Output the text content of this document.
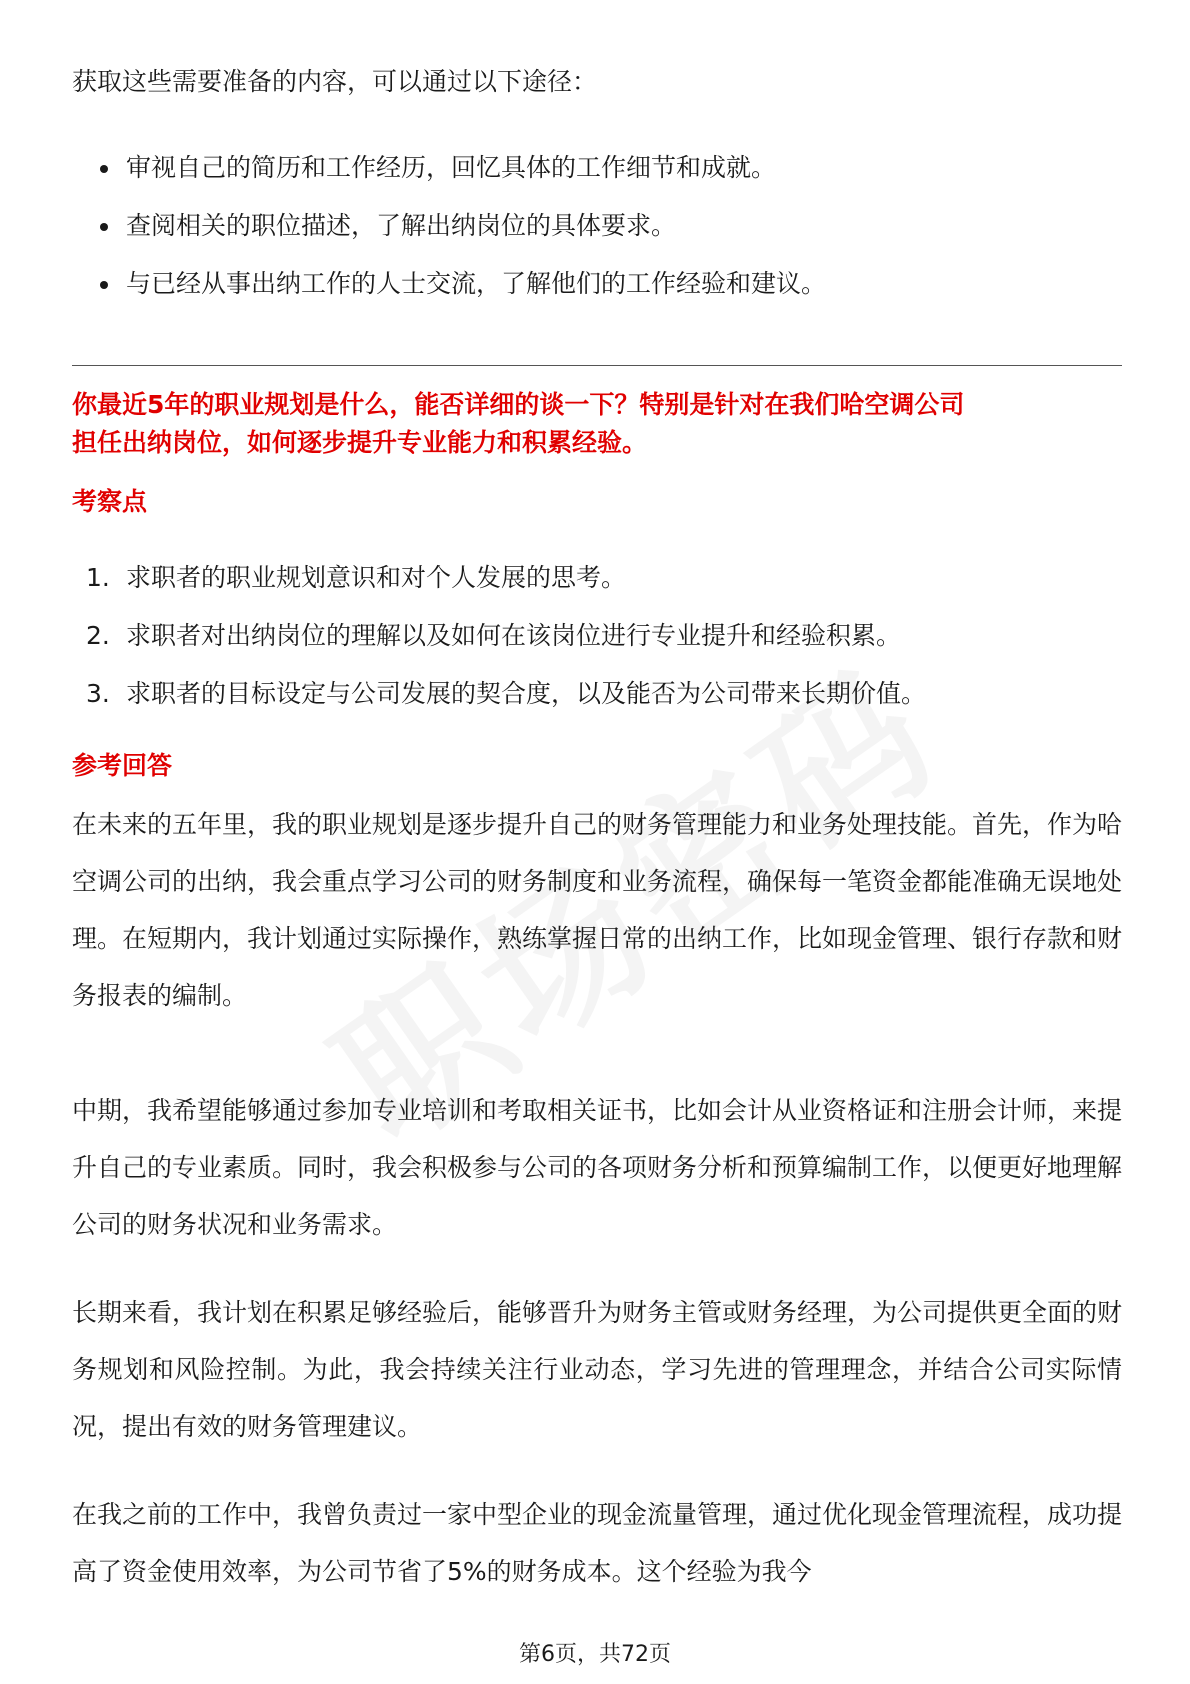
获取这些需要准备的内容，可以通过以下途径：

审视自己的简历和工作经历，回忆具体的工作细节和成就。
查阅相关的职位描述，了解出纳岗位的具体要求。
与已经从事出纳工作的人士交流，了解他们的工作经验和建议。
你最近5年的职业规划是什么，能否详细的谈一下？特别是针对在我们哈空调公司
担任出纳岗位，如何逐步提升专业能力和积累经验。
考察点
1. 求职者的职业规划意识和对个人发展的思考。
2. 求职者对出纳岗位的理解以及如何在该岗位进行专业提升和经验积累。
3. 求职者的目标设定与公司发展的契合度，以及能否为公司带来长期价值。
参考回答

在未来的五年里，我的职业规划是逐步提升自己的财务管理能力和业务处理技能。首先，作为哈空调公司的出纳，我会重点学习公司的财务制度和业务流程，确保每一笔资金都能准确无误地处理。在短期内，我计划通过实际操作，熟练掌握日常的出纳工作，比如现金管理、银行存款和财务报表的编制。

中期，我希望能够通过参加专业培训和考取相关证书，比如会计从业资格证和注册会计师，来提升自己的专业素质。同时，我会积极参与公司的各项财务分析和预算编制工作，以便更好地理解公司的财务状况和业务需求。

长期来看，我计划在积累足够经验后，能够晋升为财务主管或财务经理，为公司提供更全面的财务规划和风险控制。为此，我会持续关注行业动态，学习先进的管理理念，并结合公司实际情况，提出有效的财务管理建议。

在我之前的工作中，我曾负责过一家中型企业的现金流量管理，通过优化现金管理流程，成功提高了资金使用效率，为公司节省了5%的财务成本。这个经验为我今

第6页，共72页
